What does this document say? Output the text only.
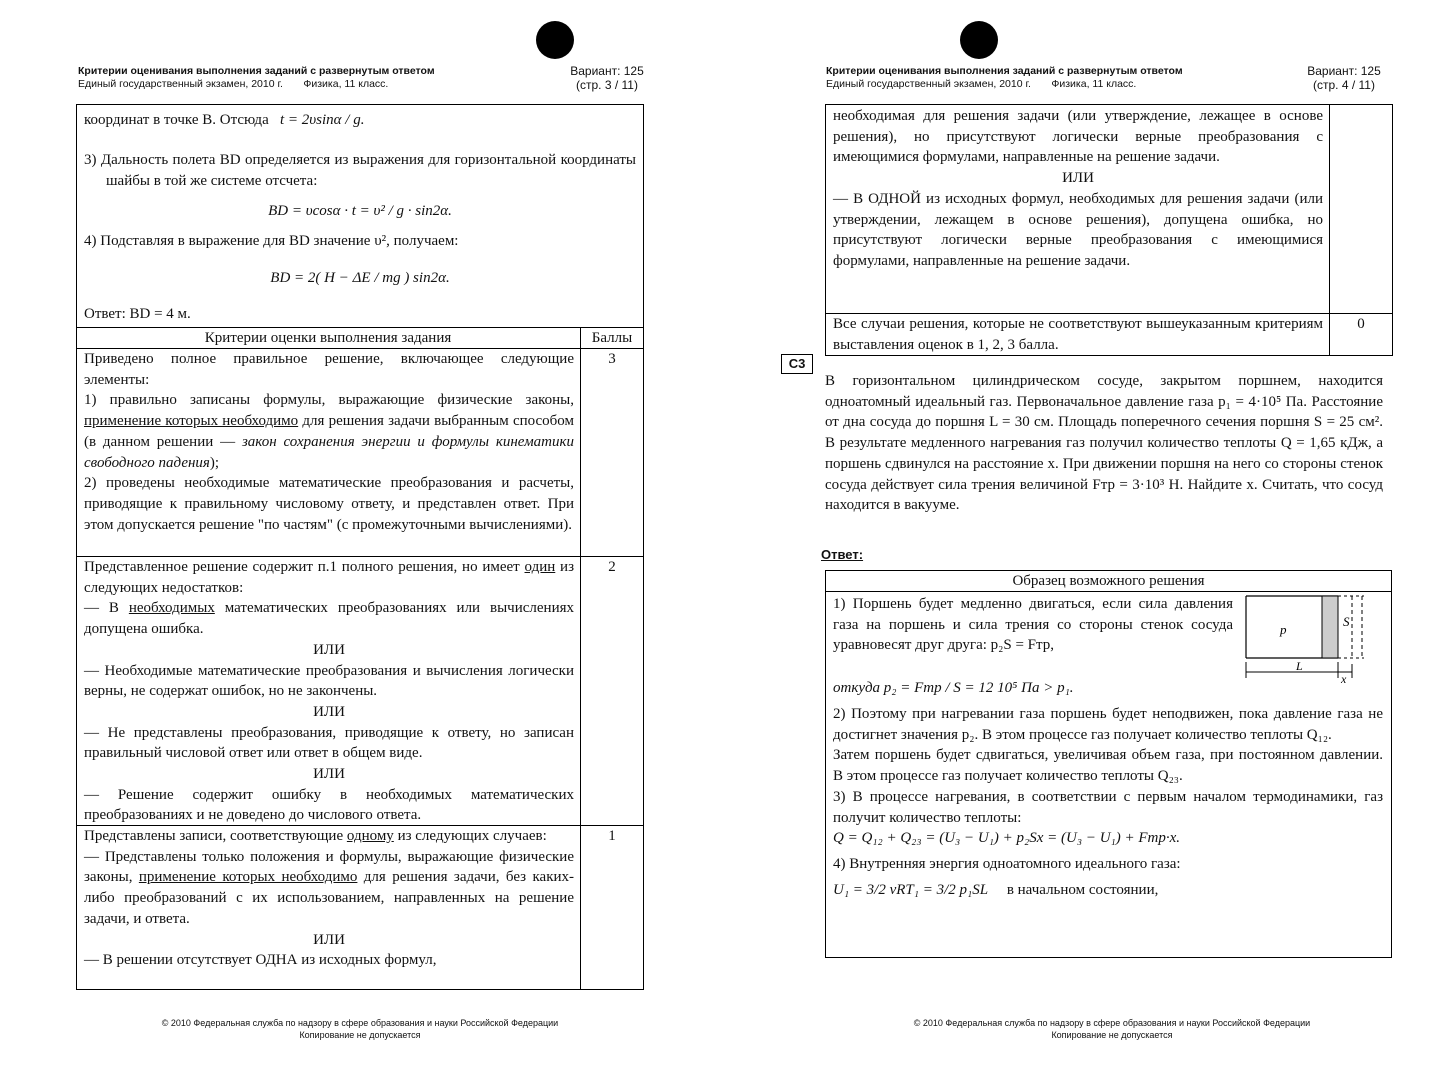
Критерии оценивания выполнения заданий с развернутым ответом
Единый государственный экзамен, 2010 г. Физика, 11 класс.
Вариант: 125
(стр. 3 / 11)
координат в точке В. Отсюда t = 2υsinα / g.
3) Дальность полета BD определяется из выражения для горизонтальной координаты шайбы в той же системе отсчета:
BD = υcosα · t = υ² / g · sin2α.
4) Подставляя в выражение для BD значение υ², получаем:
BD = 2( H − ΔE / mg ) sin2α.
Ответ: BD = 4 м.
Критерии оценки выполнения задания	Баллы
Приведено полное правильное решение, включающее следующие элементы:
1) правильно записаны формулы, выражающие физические законы, применение которых необходимо для решения задачи выбранным способом (в данном решении — закон сохранения энергии и формулы кинематики свободного падения);
2) проведены необходимые математические преобразования и расчеты, приводящие к правильному числовому ответу, и представлен ответ. При этом допускается решение "по частям" (с промежуточными вычислениями).
3
Представленное решение содержит п.1 полного решения, но имеет один из следующих недостатков:
— В необходимых математических преобразованиях или вычислениях допущена ошибка.
ИЛИ
— Необходимые математические преобразования и вычисления логически верны, не содержат ошибок, но не закончены.
ИЛИ
— Не представлены преобразования, приводящие к ответу, но записан правильный числовой ответ или ответ в общем виде.
ИЛИ
— Решение содержит ошибку в необходимых математических преобразованиях и не доведено до числового ответа.
2
Представлены записи, соответствующие одному из следующих случаев:
— Представлены только положения и формулы, выражающие физические законы, применение которых необходимо для решения задачи, без каких-либо преобразований с их использованием, направленных на решение задачи, и ответа.
ИЛИ
— В решении отсутствует ОДНА из исходных формул,
1
© 2010 Федеральная служба по надзору в сфере образования и науки Российской Федерации
Копирование не допускается
Критерии оценивания выполнения заданий с развернутым ответом
Единый государственный экзамен, 2010 г. Физика, 11 класс.
Вариант: 125
(стр. 4 / 11)
необходимая для решения задачи (или утверждение, лежащее в основе решения), но присутствуют логически верные преобразования с имеющимися формулами, направленные на решение задачи.
ИЛИ
— В ОДНОЙ из исходных формул, необходимых для решения задачи (или утверждении, лежащем в основе решения), допущена ошибка, но присутствуют логически верные преобразования с имеющимися формулами, направленные на решение задачи.
Все случаи решения, которые не соответствуют вышеуказанным критериям выставления оценок в 1, 2, 3 балла.
0
С3
В горизонтальном цилиндрическом сосуде, закрытом поршнем, находится одноатомный идеальный газ. Первоначальное давление газа p₁ = 4·10⁵ Па. Расстояние от дна сосуда до поршня L = 30 см. Площадь поперечного сечения поршня S = 25 см². В результате медленного нагревания газ получил количество теплоты Q = 1,65 кДж, а поршень сдвинулся на расстояние x. При движении поршня на него со стороны стенок сосуда действует сила трения величиной Fтр = 3·10³ Н. Найдите x. Считать, что сосуд находится в вакууме.
Ответ:
Образец возможного решения
1) Поршень будет медленно двигаться, если сила давления газа на поршень и сила трения со стороны стенок сосуда уравновесят друг друга: p₂S = Fтр,
p
S
L
x
откуда p₂ = Fтр / S = 12 10⁵ Па > p₁.
2) Поэтому при нагревании газа поршень будет неподвижен, пока давление газа не достигнет значения p₂. В этом процессе газ получает количество теплоты Q₁₂.
Затем поршень будет сдвигаться, увеличивая объем газа, при постоянном давлении. В этом процессе газ получает количество теплоты Q₂₃.
3) В процессе нагревания, в соответствии с первым началом термодинамики, газ получит количество теплоты:
Q = Q₁₂ + Q₂₃ = (U₃ − U₁) + p₂Sx = (U₃ − U₁) + Fтр·x.
4) Внутренняя энергия одноатомного идеального газа:
U₁ = 3/2 νRT₁ = 3/2 p₁SL в начальном состоянии,
© 2010 Федеральная служба по надзору в сфере образования и науки Российской Федерации
Копирование не допускается
